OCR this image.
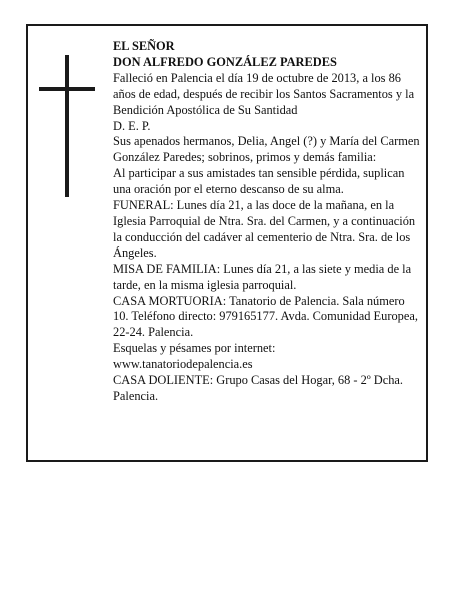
EL SEÑOR

DON ALFREDO GONZÁLEZ PAREDES

Falleció en Palencia el día 19 de octubre de 2013, a los 86 años de edad, después de recibir los Santos Sacramentos y la Bendición Apostólica de Su Santidad

D. E. P.

Sus apenados hermanos, Delia, Angel (?) y María del Carmen González Paredes; sobrinos, primos y demás familia:

Al participar a sus amistades tan sensible pérdida, suplican una oración por el eterno descanso de su alma.

FUNERAL: Lunes día 21, a las doce de la mañana, en la Iglesia Parroquial de Ntra. Sra. del Carmen, y a continuación la conducción del cadáver al cementerio de Ntra. Sra. de los Ángeles.

MISA DE FAMILIA: Lunes día 21, a las siete y media de la tarde, en la misma iglesia parroquial.

CASA MORTUORIA: Tanatorio de Palencia. Sala número 10. Teléfono directo: 979165177. Avda. Comunidad Europea, 22-24. Palencia.

Esquelas y pésames por internet:

www.tanatoriodepalencia.es

CASA DOLIENTE: Grupo Casas del Hogar, 68 - 2º Dcha. Palencia.
